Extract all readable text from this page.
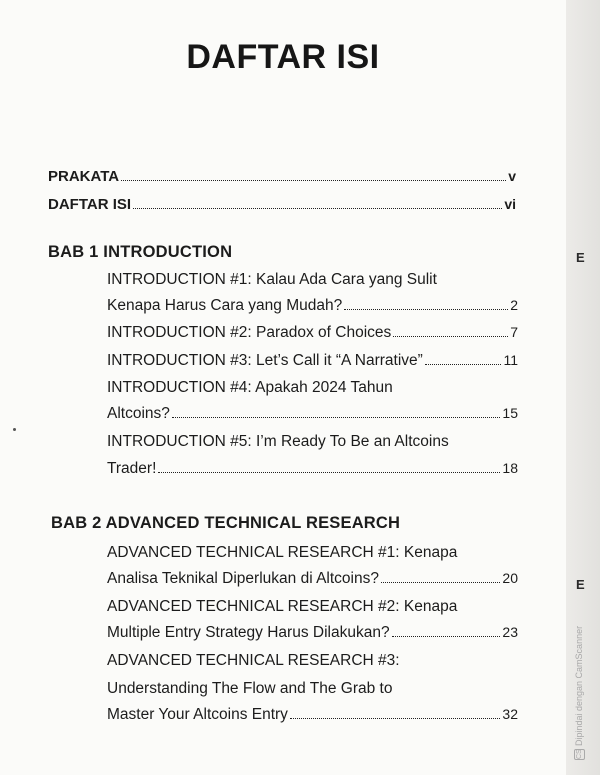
DAFTAR ISI
PRAKATA	v
DAFTAR ISI	vi
BAB 1 INTRODUCTION
INTRODUCTION #1: Kalau Ada Cara yang Sulit
Kenapa Harus Cara yang Mudah?	2
INTRODUCTION #2: Paradox of Choices	7
INTRODUCTION #3: Let’s Call it “A Narrative”	11
INTRODUCTION #4: Apakah 2024 Tahun
Altcoins?	15
INTRODUCTION #5: I’m Ready To Be an Altcoins
Trader!	18
BAB 2 ADVANCED TECHNICAL RESEARCH
ADVANCED TECHNICAL RESEARCH #1: Kenapa
Analisa Teknikal Diperlukan di Altcoins?	20
ADVANCED TECHNICAL RESEARCH #2: Kenapa
Multiple Entry Strategy Harus Dilakukan?	23
ADVANCED TECHNICAL RESEARCH #3:
Understanding The Flow and The Grab to
Master Your Altcoins Entry	32
E
E
CSDipindai dengan CamScanner
